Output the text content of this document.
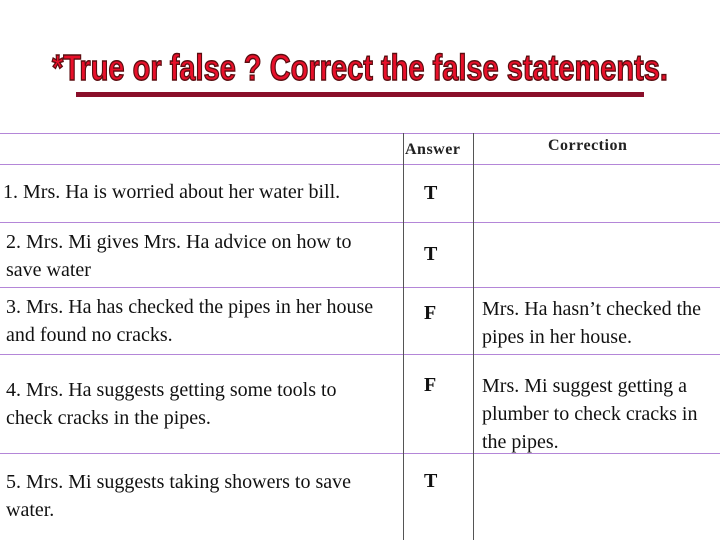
*True or false ? Correct the false statements.
Answer	Correction
1. Mrs. Ha is worried about her water bill.	T
2. Mrs. Mi gives Mrs. Ha advice on how to save water
T
3. Mrs. Ha has checked the pipes in her house and found no cracks.
F Mrs. Ha hasn’t checked the pipes in her house.
4. Mrs. Ha suggests getting some tools to check cracks in the pipes.
F Mrs. Mi suggest getting a plumber to check cracks in the pipes.
5. Mrs. Mi suggests taking showers to save water.
T
